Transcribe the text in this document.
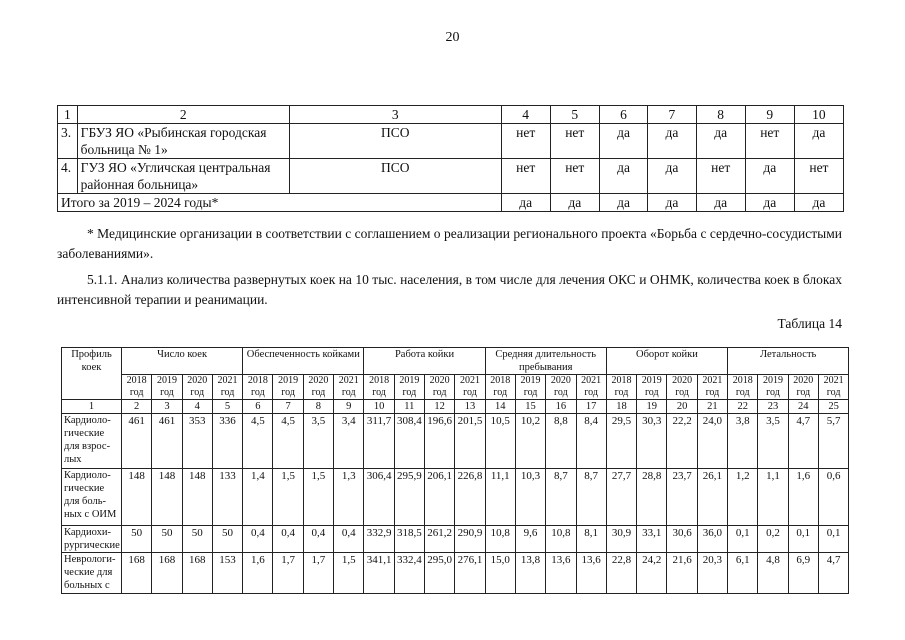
20
1	2	3	4	5	6	7	8	9	10
3.	ГБУЗ ЯО «Рыбинская городская больница № 1»	ПСО	нет	нет	да	да	да	нет	да
4.	ГУЗ ЯО «Угличская центральная районная больница»	ПСО	нет	нет	да	да	нет	да	нет
Итого за 2019 – 2024 годы*			да	да	да	да	да	да	да

* Медицинские организации в соответствии с соглашением о реализации регионального проекта «Борьба с сердечно-сосудистыми заболеваниями».

5.1.1. Анализ количества развернутых коек на 10 тыс. населения, в том числе для лечения ОКС и ОНМК, количества коек в блоках интенсивной терапии и реанимации.

Таблица 14
Профиль коек	Число коек				Обеспеченность койками				Работа койки				Средняя длительность пребывания				Оборот койки				Летальность			
	2018 год	2019 год	2020 год	2021 год	2018 год	2019 год	2020 год	2021 год	2018 год	2019 год	2020 год	2021 год	2018 год	2019 год	2020 год	2021 год	2018 год	2019 год	2020 год	2021 год	2018 год	2019 год	2020 год	2021 год
1	2	3	4	5	6	7	8	9	10	11	12	13	14	15	16	17	18	19	20	21	22	23	24	25
Кардиоло-гические для взрос-лых	461	461	353	336	4,5	4,5	3,5	3,4	311,7	308,4	196,6	201,5	10,5	10,2	8,8	8,4	29,5	30,3	22,2	24,0	3,8	3,5	4,7	5,7
Кардиоло-гические для боль-ных с ОИМ	148	148	148	133	1,4	1,5	1,5	1,3	306,4	295,9	206,1	226,8	11,1	10,3	8,7	8,7	27,7	28,8	23,7	26,1	1,2	1,1	1,6	0,6
Кардиохи-рургические	50	50	50	50	0,4	0,4	0,4	0,4	332,9	318,5	261,2	290,9	10,8	9,6	10,8	8,1	30,9	33,1	30,6	36,0	0,1	0,2	0,1	0,1
Неврологи-ческие для больных с	168	168	168	153	1,6	1,7	1,7	1,5	341,1	332,4	295,0	276,1	15,0	13,8	13,6	13,6	22,8	24,2	21,6	20,3	6,1	4,8	6,9	4,7
